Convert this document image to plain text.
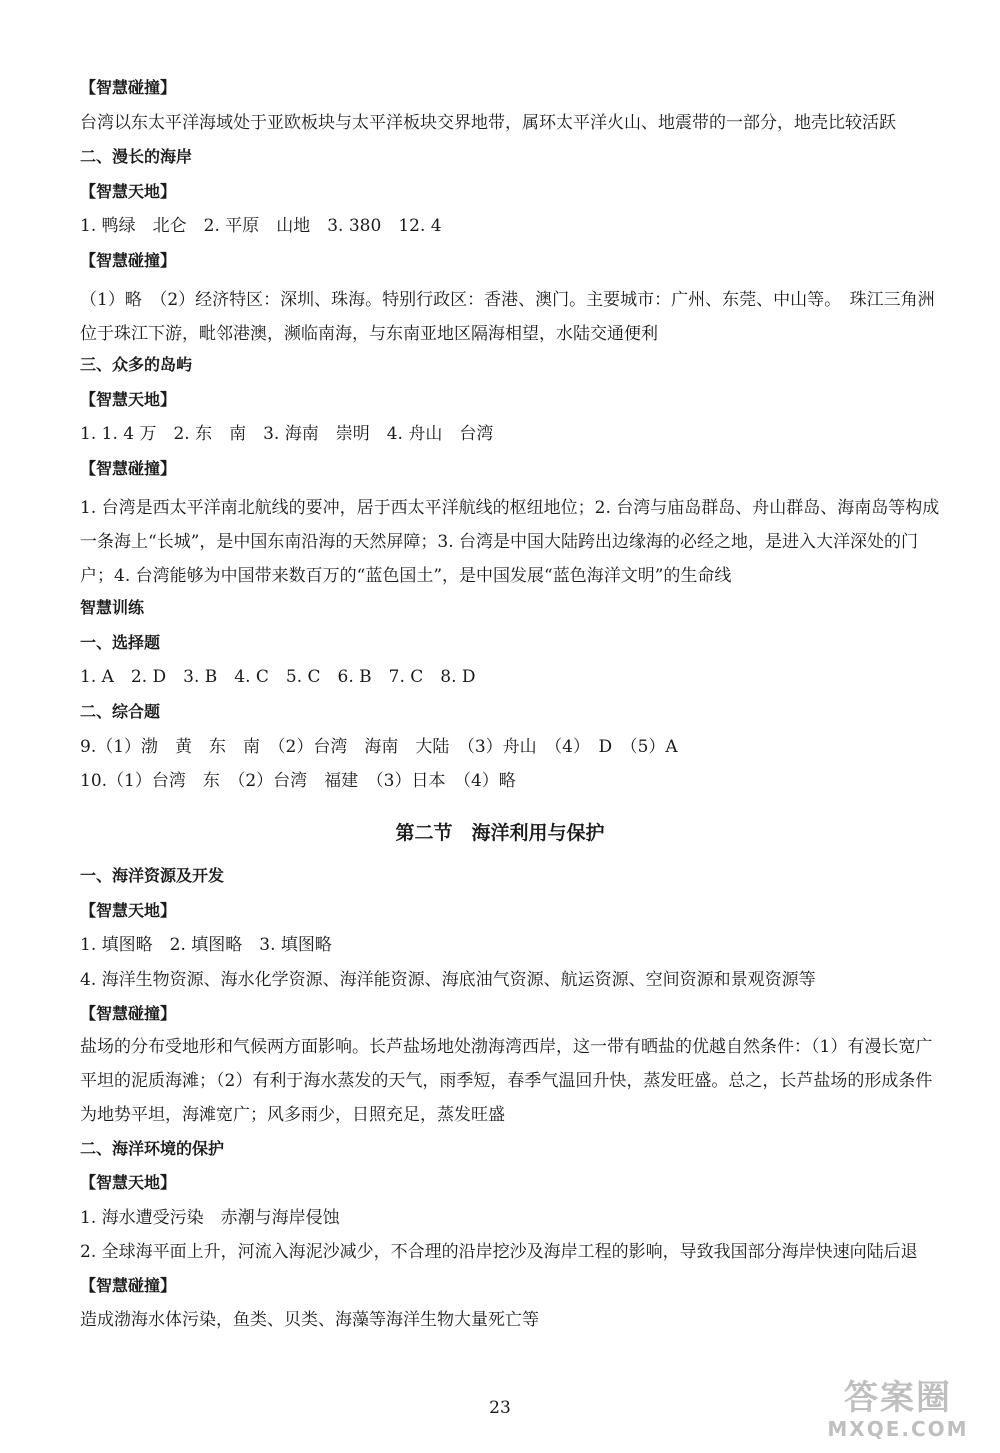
【智慧碰撞】
台湾以东太平洋海域处于亚欧板块与太平洋板块交界地带，属环太平洋火山、地震带的一部分，地壳比较活跃
二、漫长的海岸
【智慧天地】
1. 鸭绿　北仑　2. 平原　山地　3. 380　12. 4
【智慧碰撞】
（1）略　（2）经济特区：深圳、珠海。特别行政区：香港、澳门。主要城市：广州、东莞、中山等。　珠江三角洲位于珠江下游，毗邻港澳，濒临南海，与东南亚地区隔海相望，水陆交通便利
三、众多的岛屿
【智慧天地】
1. 1. 4 万　2. 东　南　3. 海南　崇明　4. 舟山　台湾
【智慧碰撞】
1. 台湾是西太平洋南北航线的要冲，居于西太平洋航线的枢纽地位；2. 台湾与庙岛群岛、舟山群岛、海南岛等构成一条海上“长城”，是中国东南沿海的天然屏障；3. 台湾是中国大陆跨出边缘海的必经之地，是进入大洋深处的门户；4. 台湾能够为中国带来数百万的“蓝色国土”，是中国发展“蓝色海洋文明”的生命线
智慧训练
一、选择题
1. A　2. D　3. B　4. C　5. C　6. B　7. C　8. D
二、综合题
9.（1）渤　黄　东　南　（2）台湾　海南　大陆　（3）舟山　（4）　D　（5）A
10.（1）台湾　东　（2）台湾　福建　（3）日本　（4）略
第二节　海洋利用与保护
一、海洋资源及开发
【智慧天地】
1. 填图略　2. 填图略　3. 填图略
4. 海洋生物资源、海水化学资源、海洋能资源、海底油气资源、航运资源、空间资源和景观资源等
【智慧碰撞】
盐场的分布受地形和气候两方面影响。长芦盐场地处渤海湾西岸，这一带有晒盐的优越自然条件：（1）有漫长宽广平坦的泥质海滩；（2）有利于海水蒸发的天气，雨季短，春季气温回升快，蒸发旺盛。总之，长芦盐场的形成条件为地势平坦，海滩宽广；风多雨少，日照充足，蒸发旺盛
二、海洋环境的保护
【智慧天地】
1. 海水遭受污染　赤潮与海岸侵蚀
2. 全球海平面上升，河流入海泥沙减少，不合理的沿岸挖沙及海岸工程的影响，导致我国部分海岸快速向陆后退
【智慧碰撞】
造成渤海水体污染，鱼类、贝类、海藻等海洋生物大量死亡等
23	答案圈
MXQE.COM
